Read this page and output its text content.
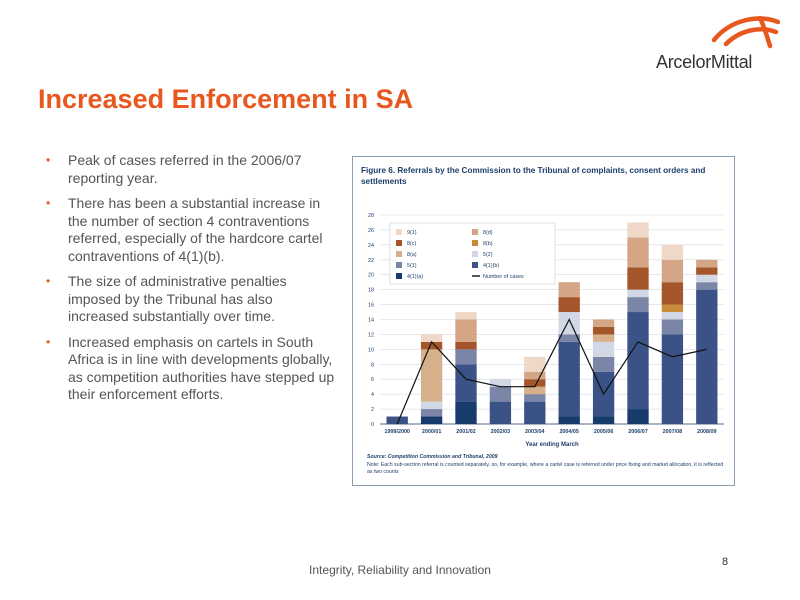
ArcelorMittal
Increased Enforcement in SA
• Peak of cases referred in the 2006/07 reporting year.
• There has been a substantial increase in the number of section 4 contraventions referred, especially of the hardcore cartel contraventions of 4(1)(b).
• The size of administrative penalties imposed by the Tribunal has also increased substantially over time.
• Increased emphasis on cartels in South Africa is in line with developments globally, as competition authorities have stepped up their enforcement efforts.
Figure 6. Referrals by the Commission to the Tribunal of complaints, consent orders and settlements
0
2
4
6
8
10
12
14
16
18
20
22
24
26
28
1999/2000 2000/01	2001/02	2002/03	2003/04	2004/05	2005/06	2006/07	2007/08	2008/09
Year ending March
9(1)	8(d)
8(c)	8(b)
8(a)	5(2)
5(1)	4(1)(b)
4(1)(a)	Number of cases
Source: Competition Commission and Tribunal, 2009
Note: Each sub-section referral is counted separately, so, for example, where a cartel case is referred under price fixing and market allocation, it is reflected as two counts
Integrity, Reliability and Innovation
8
